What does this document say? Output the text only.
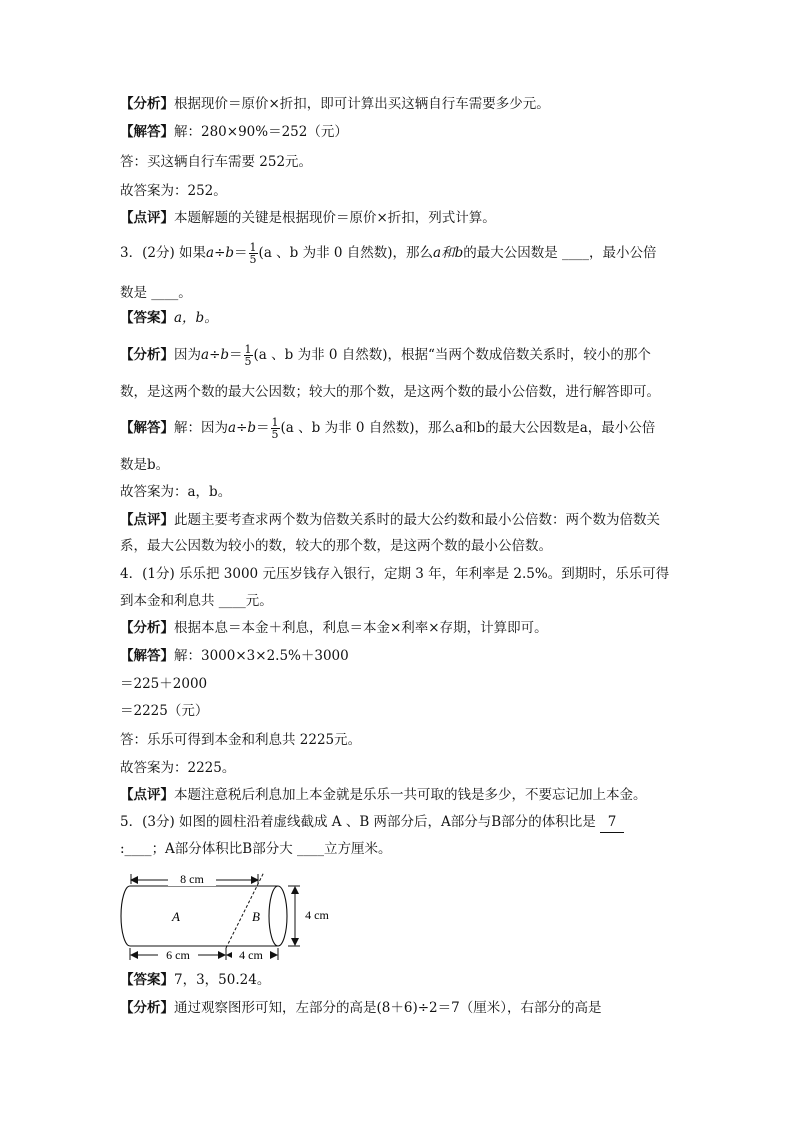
【分析】根据现价＝原价×折扣，即可计算出买这辆自行车需要多少元。
【解答】解：280×90%＝252（元）
答：买这辆自行车需要 252元。
故答案为：252。
【点评】本题解题的关键是根据现价＝原价×折扣，列式计算。
3．(2分) 如果$a\div b= \frac{1}{5} (a$ 、b 为非 0 自然数)，那么a和b的最大公因数是 ____，最小公倍
数是 ____。
【答案】a，b。
【分析】因为$a\div b= \frac{1}{5} (a$ 、b 为非 0 自然数)，根据“当两个数成倍数关系时，较小的那个
数，是这两个数的最大公因数；较大的那个数，是这两个数的最小公倍数，进行解答即可。
【解答】解：因为$a\div b= \frac{1}{5} (a$ 、b 为非 0 自然数)，那么a和b的最大公因数是a，最小公倍
数是b。
故答案为：a，b。
【点评】此题主要考查求两个数为倍数关系时的最大公约数和最小公倍数：两个数为倍数关
系，最大公因数为较小的数，较大的那个数，是这两个数的最小公倍数。
4．(1分) 乐乐把 3000 元压岁钱存入银行，定期 3 年，年利率是 2.5%。到期时，乐乐可得
到本金和利息共 ____元。
【分析】根据本息＝本金＋利息，利息＝本金×利率×存期，计算即可。
【解答】解：3000×3×2.5%＋3000
＝225＋2000
＝2225（元）
答：乐乐可得到本金和利息共 2225元。
故答案为：2225。
【点评】本题注意税后利息加上本金就是乐乐一共可取的钱是多少，不要忘记加上本金。
5．(3分) 如图的圆柱沿着虚线截成 A 、B 两部分后，A部分与B部分的体积比是 7
:____；A部分体积比B部分大 ____立方厘米。
8 cm
A	B
6 cm	4 cm
4 cm
【答案】7，3，50.24。
【分析】通过观察图形可知，左部分的高是(8＋6)÷2＝7（厘米），右部分的高是
